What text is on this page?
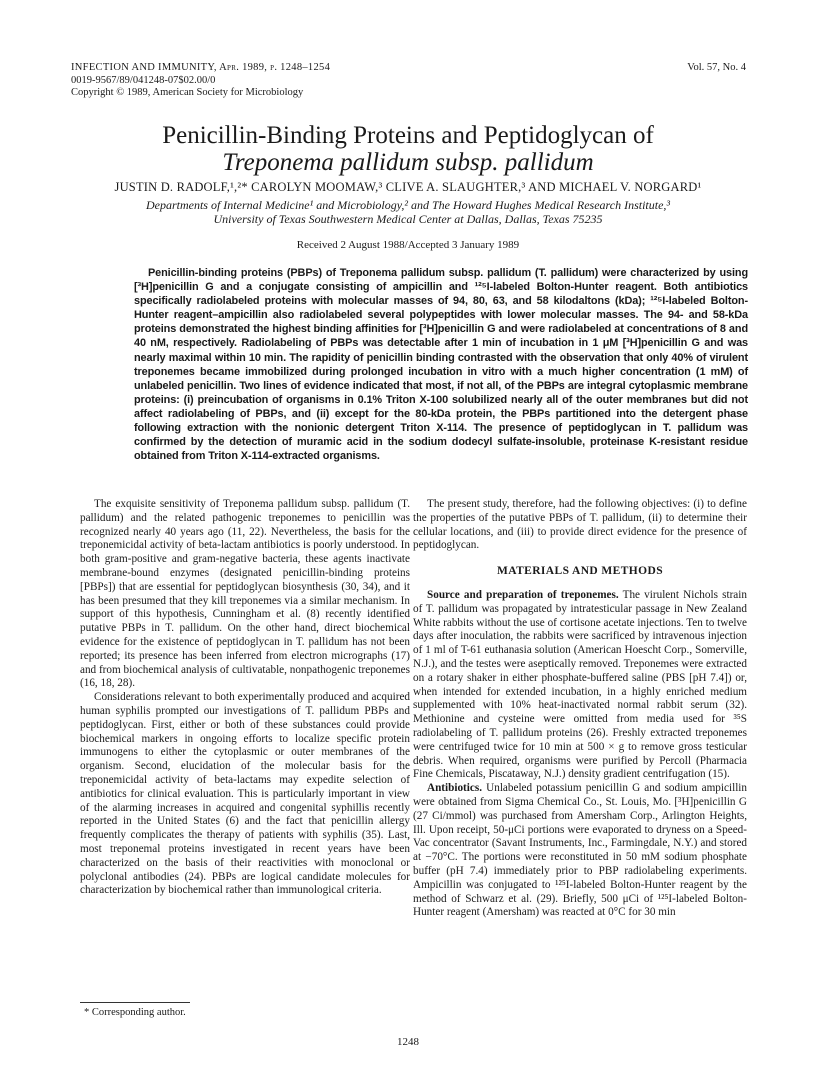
INFECTION AND IMMUNITY, Apr. 1989, p. 1248–1254
0019-9567/89/041248-07$02.00/0
Copyright © 1989, American Society for Microbiology
Vol. 57, No. 4
Penicillin-Binding Proteins and Peptidoglycan of
Treponema pallidum subsp. pallidum
JUSTIN D. RADOLF,¹,²* CAROLYN MOOMAW,³ CLIVE A. SLAUGHTER,³ AND MICHAEL V. NORGARD¹
Departments of Internal Medicine¹ and Microbiology,² and The Howard Hughes Medical Research Institute,³
University of Texas Southwestern Medical Center at Dallas, Dallas, Texas 75235
Received 2 August 1988/Accepted 3 January 1989
Penicillin-binding proteins (PBPs) of Treponema pallidum subsp. pallidum (T. pallidum) were characterized by using [³H]penicillin G and a conjugate consisting of ampicillin and ¹²⁵I-labeled Bolton-Hunter reagent. Both antibiotics specifically radiolabeled proteins with molecular masses of 94, 80, 63, and 58 kilodaltons (kDa); ¹²⁵I-labeled Bolton-Hunter reagent–ampicillin also radiolabeled several polypeptides with lower molecular masses. The 94- and 58-kDa proteins demonstrated the highest binding affinities for [³H]penicillin G and were radiolabeled at concentrations of 8 and 40 nM, respectively. Radiolabeling of PBPs was detectable after 1 min of incubation in 1 μM [³H]penicillin G and was nearly maximal within 10 min. The rapidity of penicillin binding contrasted with the observation that only 40% of virulent treponemes became immobilized during prolonged incubation in vitro with a much higher concentration (1 mM) of unlabeled penicillin. Two lines of evidence indicated that most, if not all, of the PBPs are integral cytoplasmic membrane proteins: (i) preincubation of organisms in 0.1% Triton X-100 solubilized nearly all of the outer membranes but did not affect radiolabeling of PBPs, and (ii) except for the 80-kDa protein, the PBPs partitioned into the detergent phase following extraction with the nonionic detergent Triton X-114. The presence of peptidoglycan in T. pallidum was confirmed by the detection of muramic acid in the sodium dodecyl sulfate-insoluble, proteinase K-resistant residue obtained from Triton X-114-extracted organisms.

The exquisite sensitivity of Treponema pallidum subsp. pallidum (T. pallidum) and the related pathogenic treponemes to penicillin was recognized nearly 40 years ago (11, 22). Nevertheless, the basis for the treponemicidal activity of beta-lactam antibiotics is poorly understood. In both gram-positive and gram-negative bacteria, these agents inactivate membrane-bound enzymes (designated penicillin-binding proteins [PBPs]) that are essential for peptidoglycan biosynthesis (30, 34), and it has been presumed that they kill treponemes via a similar mechanism. In support of this hypothesis, Cunningham et al. (8) recently identified putative PBPs in T. pallidum. On the other hand, direct biochemical evidence for the existence of peptidoglycan in T. pallidum has not been reported; its presence has been inferred from electron micrographs (17) and from biochemical analysis of cultivatable, nonpathogenic treponemes (16, 18, 28).

Considerations relevant to both experimentally produced and acquired human syphilis prompted our investigations of T. pallidum PBPs and peptidoglycan. First, either or both of these substances could provide biochemical markers in ongoing efforts to localize specific protein immunogens to either the cytoplasmic or outer membranes of the organism. Second, elucidation of the molecular basis for the treponemicidal activity of beta-lactams may expedite selection of antibiotics for clinical evaluation. This is particularly important in view of the alarming increases in acquired and congenital syphillis recently reported in the United States (6) and the fact that penicillin allergy frequently complicates the therapy of patients with syphilis (35). Last, most treponemal proteins investigated in recent years have been characterized on the basis of their reactivities with monoclonal or polyclonal antibodies (24). PBPs are logical candidate molecules for characterization by biochemical rather than immunological criteria.

The present study, therefore, had the following objectives: (i) to define the properties of the putative PBPs of T. pallidum, (ii) to determine their cellular locations, and (iii) to provide direct evidence for the presence of peptidoglycan.

MATERIALS AND METHODS

Source and preparation of treponemes. The virulent Nichols strain of T. pallidum was propagated by intratesticular passage in New Zealand White rabbits without the use of cortisone acetate injections. Ten to twelve days after inoculation, the rabbits were sacrificed by intravenous injection of 1 ml of T-61 euthanasia solution (American Hoescht Corp., Somerville, N.J.), and the testes were aseptically removed. Treponemes were extracted on a rotary shaker in either phosphate-buffered saline (PBS [pH 7.4]) or, when intended for extended incubation, in a highly enriched medium supplemented with 10% heat-inactivated normal rabbit serum (32). Methionine and cysteine were omitted from media used for ³⁵S radiolabeling of T. pallidum proteins (26). Freshly extracted treponemes were centrifuged twice for 10 min at 500 × g to remove gross testicular debris. When required, organisms were purified by Percoll (Pharmacia Fine Chemicals, Piscataway, N.J.) density gradient centrifugation (15).

Antibiotics. Unlabeled potassium penicillin G and sodium ampicillin were obtained from Sigma Chemical Co., St. Louis, Mo. [³H]penicillin G (27 Ci/mmol) was purchased from Amersham Corp., Arlington Heights, Ill. Upon receipt, 50-μCi portions were evaporated to dryness on a Speed-Vac concentrator (Savant Instruments, Inc., Farmingdale, N.Y.) and stored at −70°C. The portions were reconstituted in 50 mM sodium phosphate buffer (pH 7.4) immediately prior to PBP radiolabeling experiments. Ampicillin was conjugated to ¹²⁵I-labeled Bolton-Hunter reagent by the method of Schwarz et al. (29). Briefly, 500 μCi of ¹²⁵I-labeled Bolton-Hunter reagent (Amersham) was reacted at 0°C for 30 min

* Corresponding author.
1248
